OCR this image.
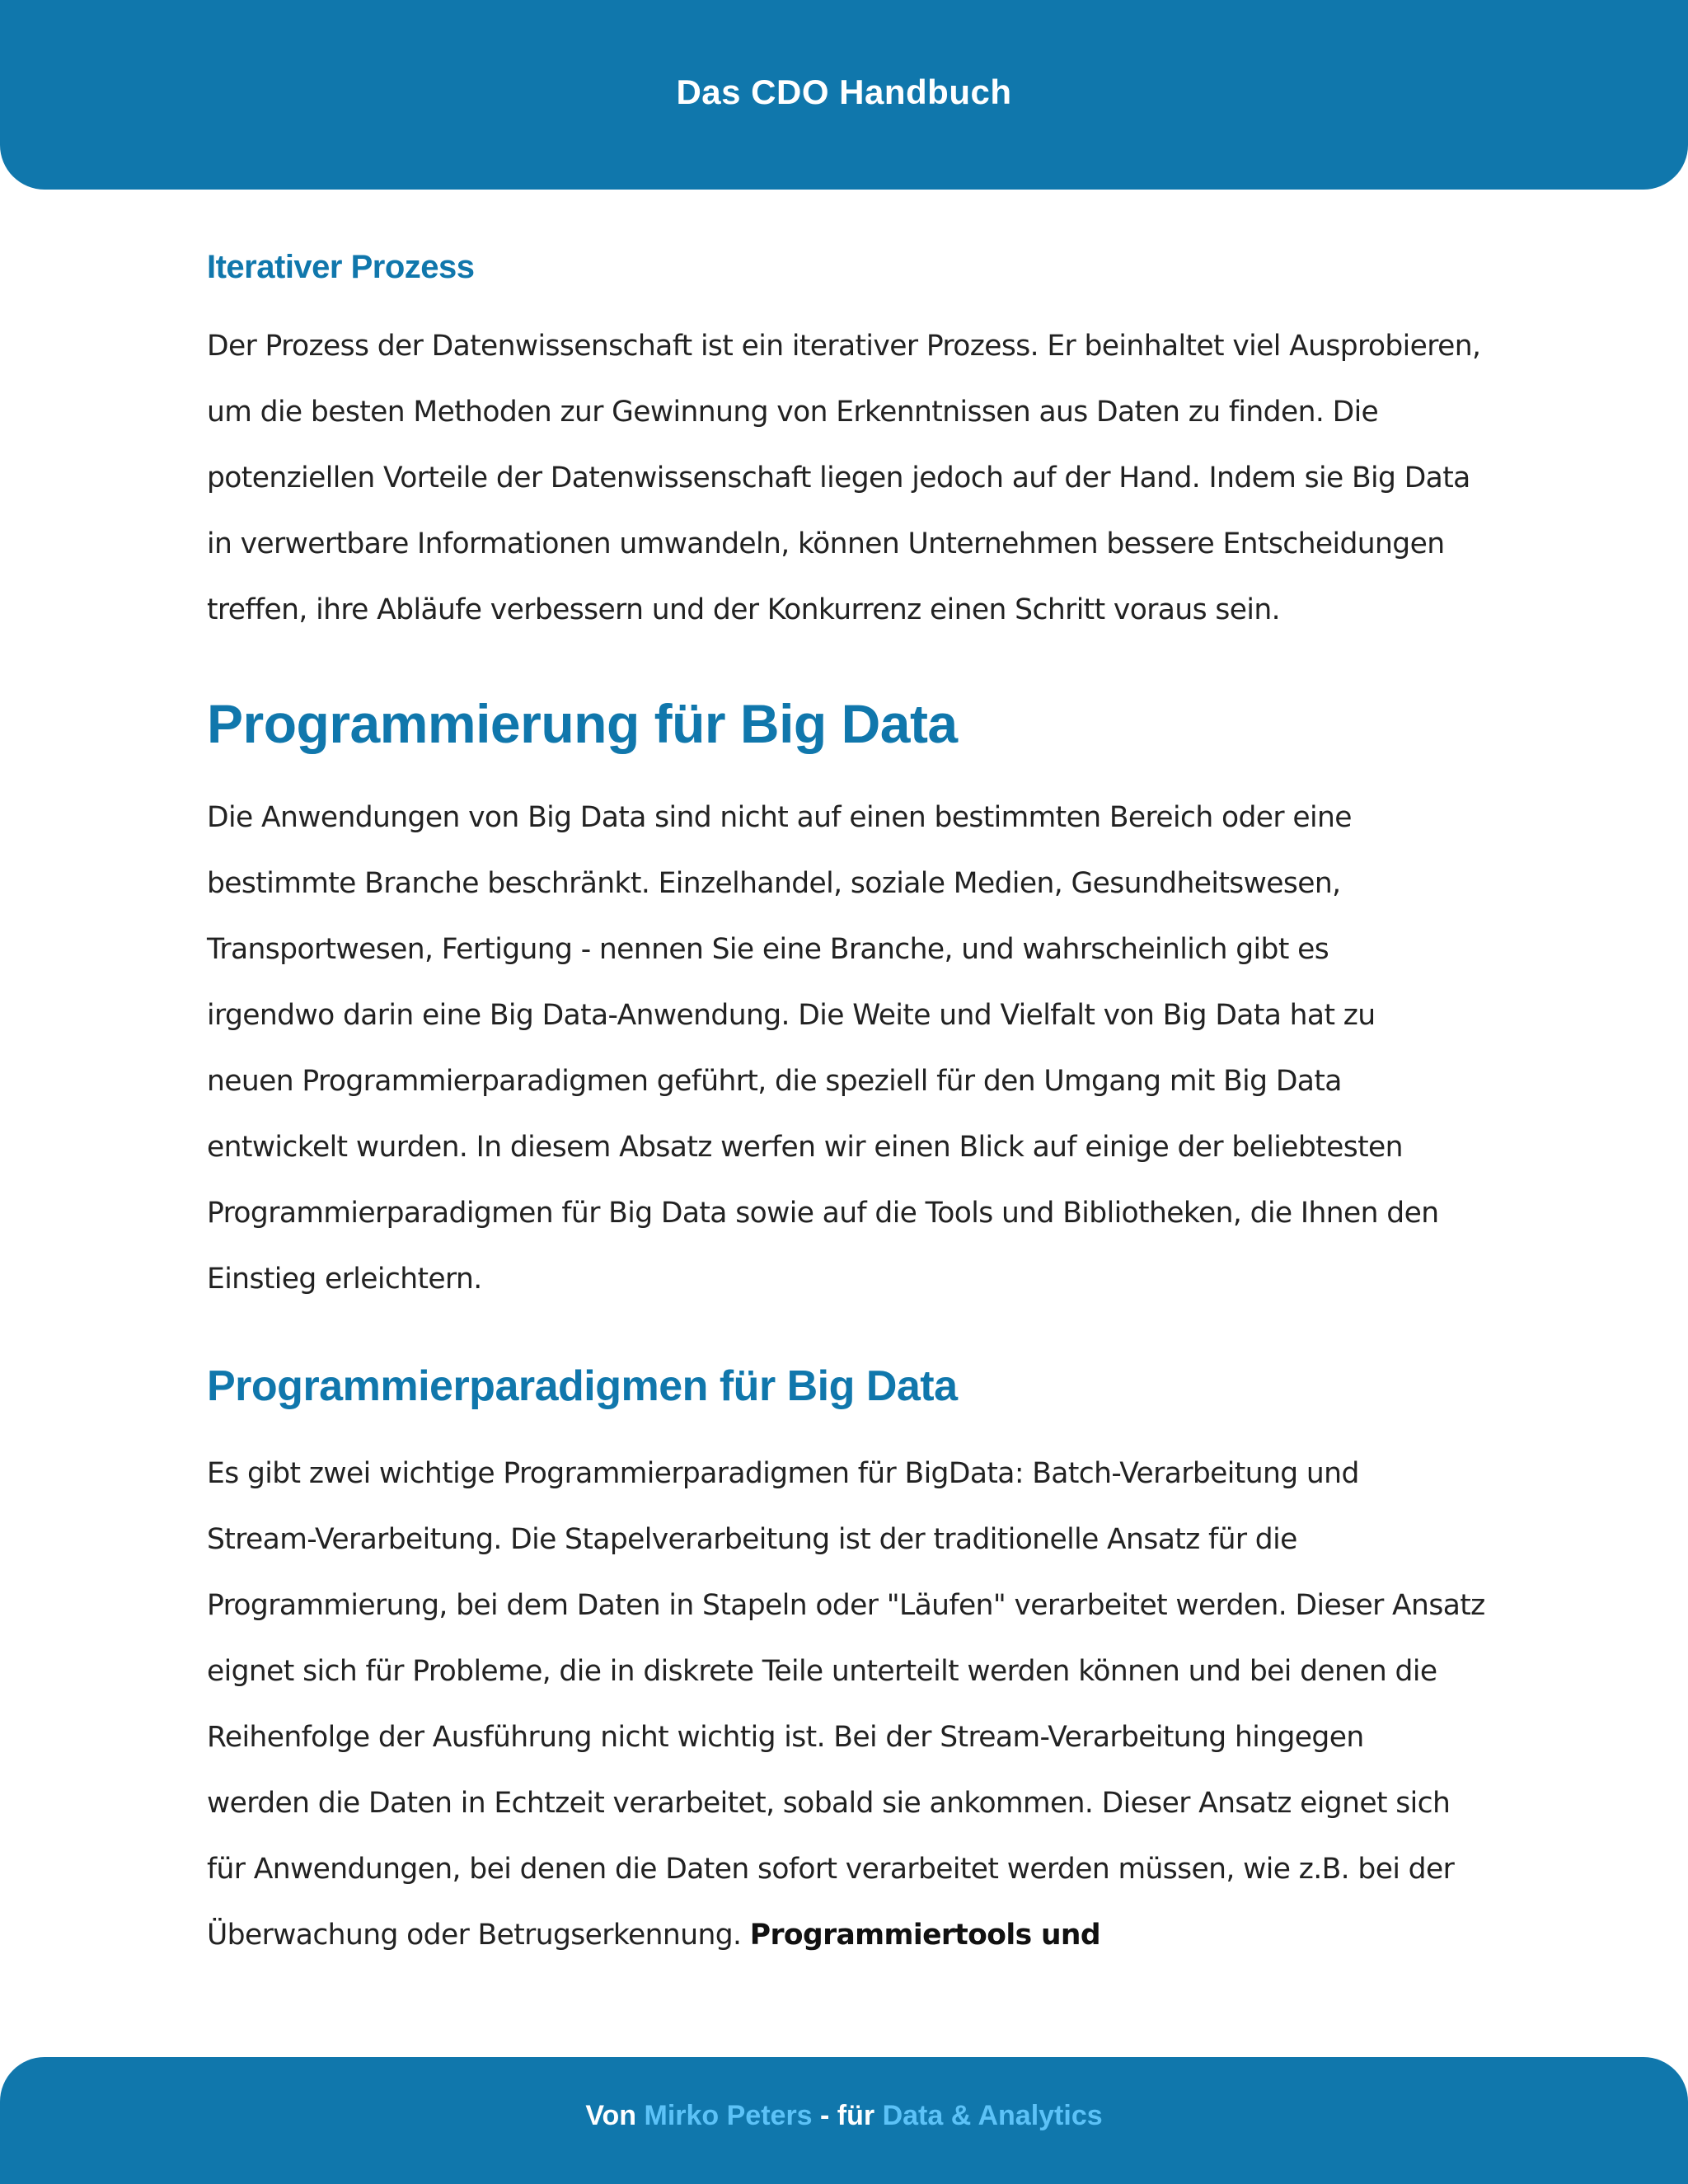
Das CDO Handbuch
Iterativer Prozess
Der Prozess der Datenwissenschaft ist ein iterativer Prozess. Er beinhaltet viel Ausprobieren,
um die besten Methoden zur Gewinnung von Erkenntnissen aus Daten zu finden. Die
potenziellen Vorteile der Datenwissenschaft liegen jedoch auf der Hand. Indem sie Big Data
in verwertbare Informationen umwandeln, können Unternehmen bessere Entscheidungen
treffen, ihre Abläufe verbessern und der Konkurrenz einen Schritt voraus sein.
Programmierung für Big Data
Die Anwendungen von Big Data sind nicht auf einen bestimmten Bereich oder eine
bestimmte Branche beschränkt. Einzelhandel, soziale Medien, Gesundheitswesen,
Transportwesen, Fertigung - nennen Sie eine Branche, und wahrscheinlich gibt es
irgendwo darin eine Big Data-Anwendung. Die Weite und Vielfalt von Big Data hat zu
neuen Programmierparadigmen geführt, die speziell für den Umgang mit Big Data
entwickelt wurden. In diesem Absatz werfen wir einen Blick auf einige der beliebtesten
Programmierparadigmen für Big Data sowie auf die Tools und Bibliotheken, die Ihnen den
Einstieg erleichtern.
Programmierparadigmen für Big Data
Es gibt zwei wichtige Programmierparadigmen für BigData: Batch-Verarbeitung und
Stream-Verarbeitung. Die Stapelverarbeitung ist der traditionelle Ansatz für die
Programmierung, bei dem Daten in Stapeln oder "Läufen" verarbeitet werden. Dieser Ansatz
eignet sich für Probleme, die in diskrete Teile unterteilt werden können und bei denen die
Reihenfolge der Ausführung nicht wichtig ist. Bei der Stream-Verarbeitung hingegen
werden die Daten in Echtzeit verarbeitet, sobald sie ankommen. Dieser Ansatz eignet sich
für Anwendungen, bei denen die Daten sofort verarbeitet werden müssen, wie z.B. bei der
Überwachung oder Betrugserkennung. Programmiertools und
Von Mirko Peters - für Data & Analytics
